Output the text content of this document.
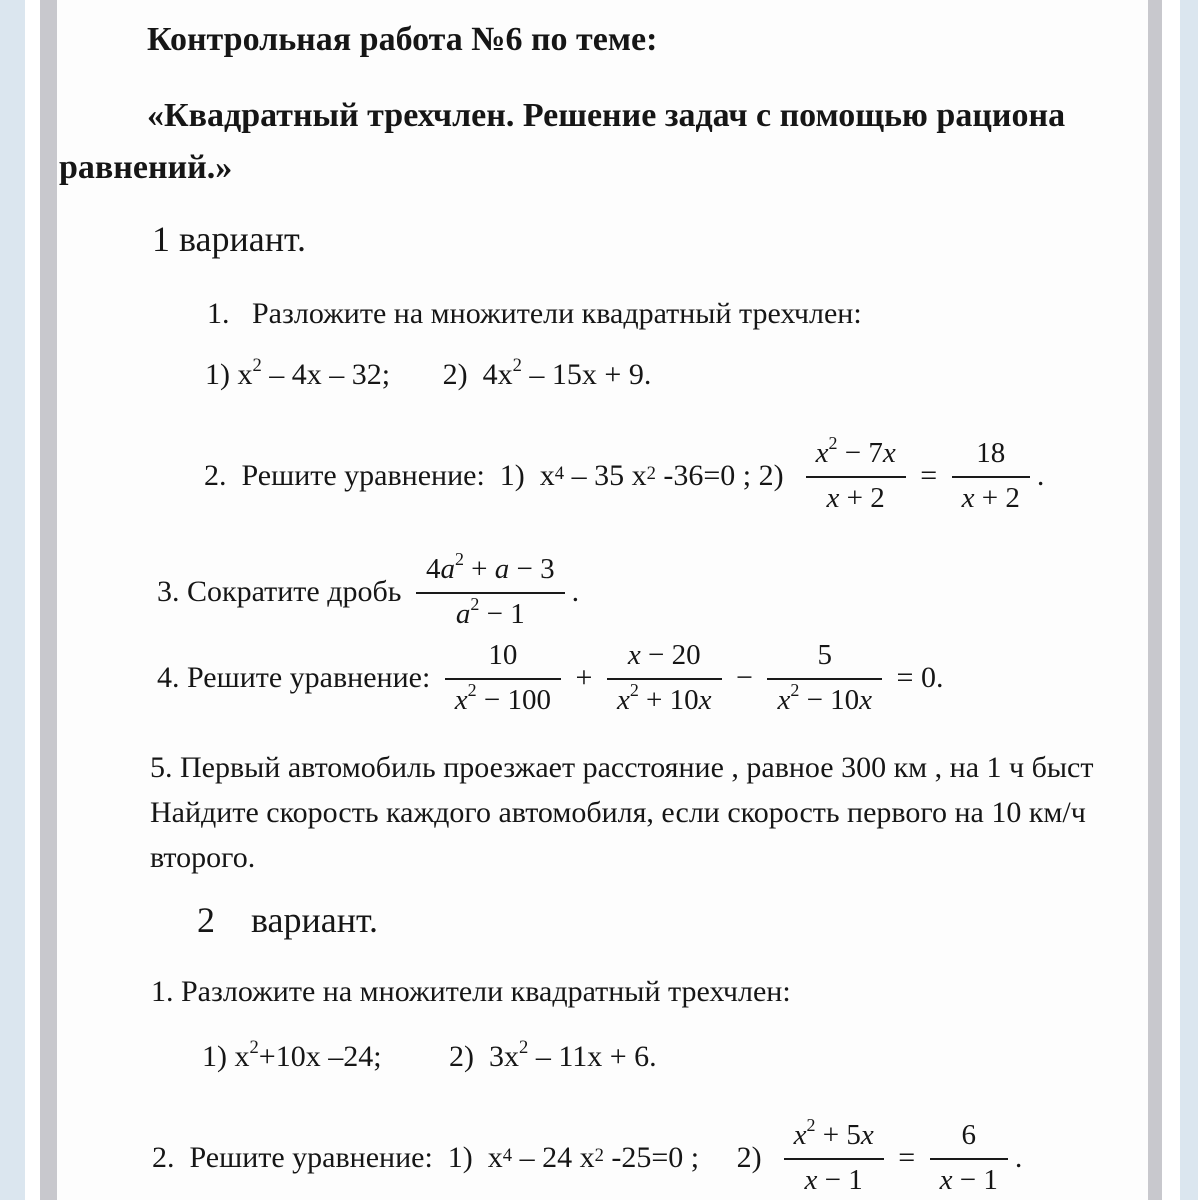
Контрольная работа №6 по теме:
«Квадратный трехчлен. Решение задач с помощью рациона
равнений.»
1 вариант.
1.   Разложите на множители квадратный трехчлен:
1) $x^2 - 4x - 32$;       2)  $4x^2 - 15x + 9$.
2.  Решите уравнение:  1)  $x^4 - 35$ $x^2$ -36=0 ; $2) \frac{x^2 - 7x}{x + 2} = \frac{18}{x + 2}$ .
3. Сократите дробь $\frac{4a^2 + a - 3}{a^2 - 1}$ .
4. Решите уравнение: $\frac{10}{x^2 - 100} + \frac{x - 20}{x^2 + 10x} - \frac{5}{x^2 - 10x} = 0$.
5. Первый автомобиль проезжает расстояние , равное 300 км , на 1 ч быст
Найдите скорость каждого автомобиля, если скорость первого на 10 км/ч
второго.
2    вариант.
1. Разложите на множители квадратный трехчлен:
1) $x^2+10x$ –24;         2)  $3x^2 - 11x + 6$.
2.  Решите уравнение:  1)  $x^4 - 24$ $x^2$ -25=0 ;     $2) \frac{x^2 + 5x}{x - 1} = \frac{6}{x - 1}$ .
